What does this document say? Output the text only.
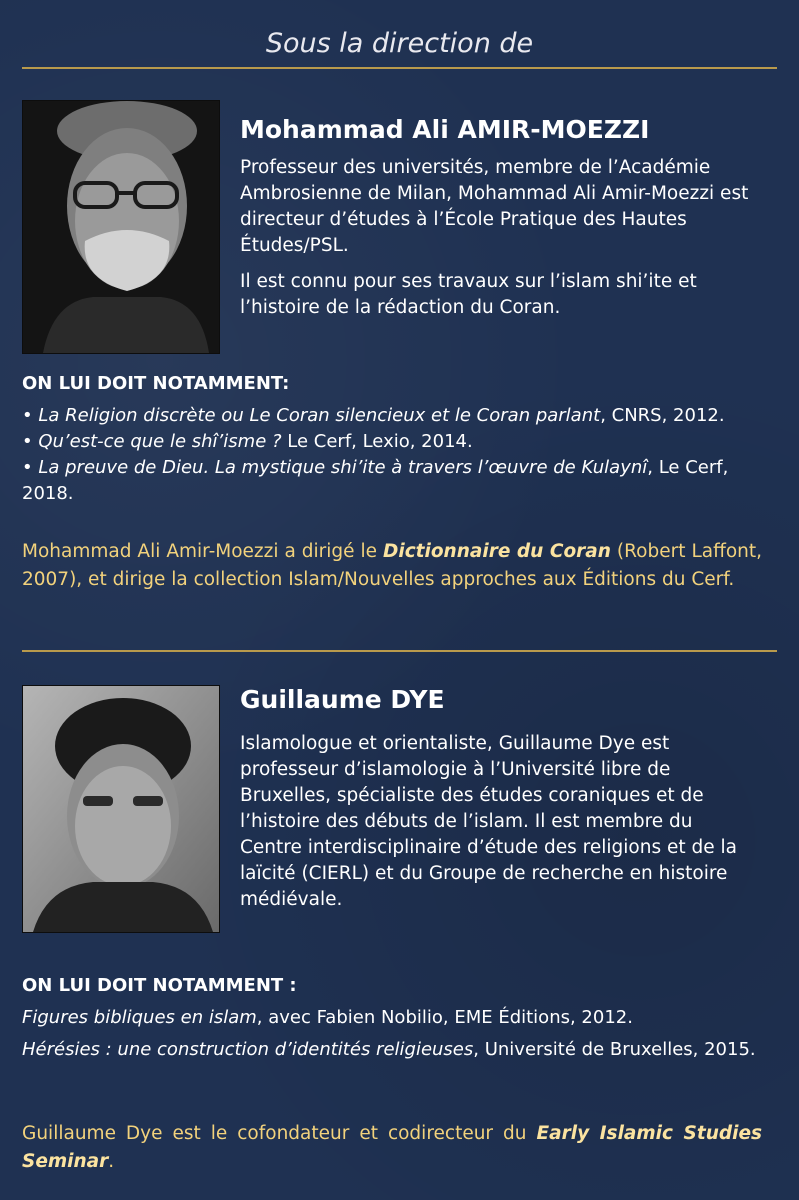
Sous la direction de
Mohammad Ali AMIR-MOEZZI

Professeur des universités, membre de l’Académie Ambrosienne de Milan, Mohammad Ali Amir-Moezzi est directeur d’études à l’École Pratique des Hautes Études/PSL.

Il est connu pour ses travaux sur l’islam shi’ite et l’histoire de la rédaction du Coran.

ON LUI DOIT NOTAMMENT:
• La Religion discrète ou Le Coran silencieux et le Coran parlant, CNRS, 2012.
• Qu’est-ce que le shî’isme ? Le Cerf, Lexio, 2014.
• La preuve de Dieu. La mystique shi’ite à travers l’œuvre de Kulaynî, Le Cerf, 2018.
Mohammad Ali Amir-Moezzi a dirigé le Dictionnaire du Coran (Robert Laffont, 2007), et dirige la collection Islam/Nouvelles approches aux Éditions du Cerf.
Guillaume DYE

Islamologue et orientaliste, Guillaume Dye est professeur d’islamologie à l’Université libre de Bruxelles, spécialiste des études coraniques et de l’histoire des débuts de l’islam. Il est membre du Centre interdisciplinaire d’étude des religions et de la laïcité (CIERL) et du Groupe de recherche en histoire médiévale.

ON LUI DOIT NOTAMMENT :
Figures bibliques en islam, avec Fabien Nobilio, EME Éditions, 2012.
Hérésies : une construction d’identités religieuses, Université de Bruxelles, 2015.
Guillaume Dye est le cofondateur et codirecteur du Early Islamic Studies Seminar.
